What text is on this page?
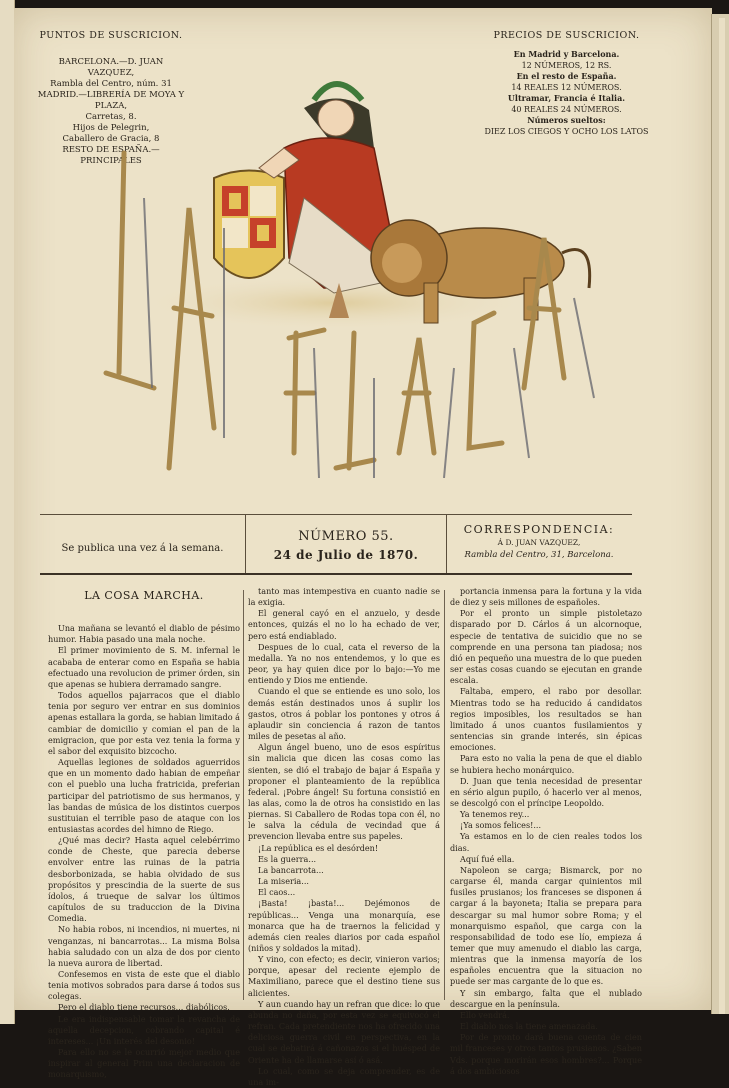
PUNTOS DE SUSCRICION.
BARCELONA.—D. JUAN VAZQUEZ,
Rambla del Centro, núm. 31
MADRID.—LIBRERÍA DE MOYA Y PLAZA,
Carretas, 8.
Hijos de Pelegrin,
Caballero de Gracia, 8
RESTO DE ESPAÑA.—PRINCIPALES
PRECIOS DE SUSCRICION.
En Madrid y Barcelona.
12 NÚMEROS, 12 RS.
En el resto de España.
14 REALES 12 NÚMEROS.
Ultramar, Francia é Italia.
40 REALES 24 NÚMEROS.
Números sueltos:
DIEZ LOS CIEGOS Y OCHO LOS LATOS
Se publica una vez á la semana.
NÚMERO 55.
24 de Julio de 1870.
CORRESPONDENCIA:
Á D. JUAN VAZQUEZ,
Rambla del Centro, 31, Barcelona.
LA COSA MARCHA.

Una mañana se levantó el diablo de pésimo humor. Habia pasado una mala noche.

El primer movimiento de S. M. infernal le acababa de enterar como en España se habia efectuado una revolucion de primer órden, sin que apenas se hubiera derramado sangre.

Todos aquellos pajarracos que el diablo tenia por seguro ver entrar en sus dominios apenas estallara la gorda, se habian limitado á cambiar de domicilio y comian el pan de la emigracion, que por esta vez tenia la forma y el sabor del exquisito bizcocho.

Aquellas legiones de soldados aguerridos que en un momento dado habian de empeñar con el pueblo una lucha fratricida, preferian participar del patriotismo de sus hermanos, y las bandas de música de los distintos cuerpos sustituian el terrible paso de ataque con los entusiastas acordes del himno de Riego.

¿Qué mas decir? Hasta aquel celebérrimo conde de Cheste, que parecia deberse envolver entre las ruinas de la patria desborbonizada, se habia olvidado de sus propósitos y prescindia de la suerte de sus ídolos, á trueque de salvar los últimos capítulos de su traduccion de la Divina Comedia.

No habia robos, ni incendios, ni muertes, ni venganzas, ni bancarrotas... La misma Bolsa habia saludado con un alza de dos por ciento la nueva aurora de libertad.

Confesemos en vista de este que el diablo tenia motivos sobrados para darse á todos sus colegas.

Pero el diablo tiene recursos... diabólicos.

Le era indispensable tomar la revancha de aquella decepcion, cobrando capital é intereses... ¡Un interés del desonio!

Para ello no se le ocurrió mejor medio que inspirar al general Prim una declaracion de monarquismo,

tanto mas intempestiva en cuanto nadie se la exigia.

El general cayó en el anzuelo, y desde entonces, quizás el no lo ha echado de ver, pero está endiablado.

Despues de lo cual, cata el reverso de la medalla. Ya no nos entendemos, y lo que es peor, ya hay quien dice por lo bajo:—Yo me entiendo y Dios me entiende.

Cuando el que se entiende es uno solo, los demás están destinados unos á suplir los gastos, otros á poblar los pontones y otros á aplaudir sin conciencia á razon de tantos miles de pesetas al año.

Algun ángel bueno, uno de esos espíritus sin malicia que dicen las cosas como las sienten, se dió el trabajo de bajar á España y proponer el planteamiento de la república federal. ¡Pobre ángel! Su fortuna consistió en las alas, como la de otros ha consistido en las piernas. Si Caballero de Rodas topa con él, no le salva la cédula de vecindad que á prevencion llevaba entre sus papeles.

¡La república es el desórden!

Es la guerra...

La bancarrota...

La miseria...

El caos...

¡Basta! ¡basta!... Dejémonos de repúblicas... Venga una monarquía, ese monarca que ha de traernos la felicidad y además cien reales diarios por cada español (niños y soldados la mitad).

Y vino, con efecto; es decir, vinieron varios; porque, apesar del reciente ejemplo de Maximiliano, parece que el destino tiene sus alicientes.

Y aun cuando hay un refran que dice: lo que abunda no daña, por esta vez se equivocó el refran. Cada pretendiente nos ha ofrecido una deliciosa guerra civil en perspectiva, en la cual se debatirá á cañonazos si el huésped de Oriente ha de llamarse así ó asá.

Lo cual, como se deja comprender, es de una im-

portancia inmensa para la fortuna y la vida de diez y seis millones de españoles.

Por el pronto un simple pistoletazo disparado por D. Cárlos á un alcornoque, especie de tentativa de suicidio que no se comprende en una persona tan piadosa; nos dió en pequeño una muestra de lo que pueden ser estas cosas cuando se ejecutan en grande escala.

Faltaba, empero, el rabo por desollar. Mientras todo se ha reducido á candidatos regios imposibles, los resultados se han limitado á unos cuantos fusilamientos y sentencias sin grande interés, sin épicas emociones.

Para esto no valia la pena de que el diablo se hubiera hecho monárquico.

D. Juan que tenia necesidad de presentar en sério algun pupilo, ó hacerlo ver al menos, se descolgó con el príncipe Leopoldo.

Ya tenemos rey...

¡Ya somos felices!...

Ya estamos en lo de cien reales todos los dias.

Aquí fué ella.

Napoleon se carga; Bismarck, por no cargarse él, manda cargar quinientos mil fusiles prusianos; los franceses se disponen á cargar á la bayoneta; Italia se prepara para descargar su mal humor sobre Roma; y el monarquismo español, que carga con la responsabilidad de todo ese lío, empieza á temer que muy amenudo el diablo las carga, mientras que la inmensa mayoría de los españoles encuentra que la situacion no puede ser mas cargante de lo que es.

Y sin embargo, falta que el nublado descargue en la península.

Ello vendrá.

El diablo nos la tiene amenazada.

Por de pronto dará buena cuenta de cien mil franceses y otros tantos prusianos. ¿Saben Vds. porque morirán esos hombres?... Porque á dos ambiciosos
